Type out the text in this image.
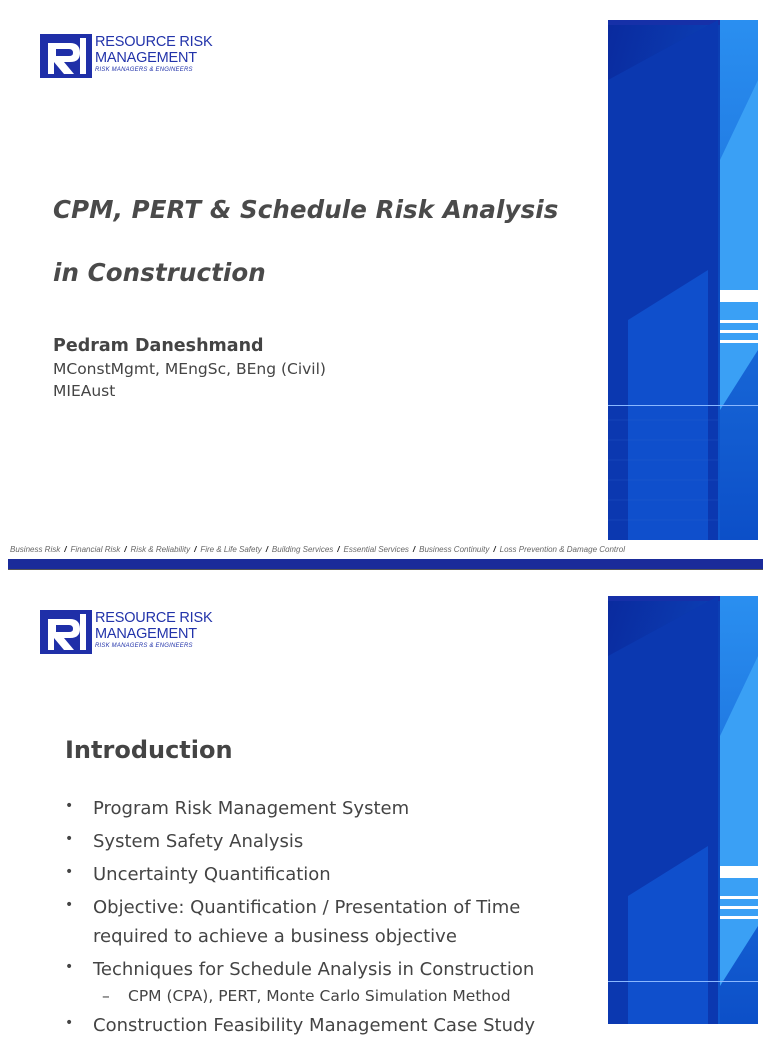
RESOURCE RISK
MANAGEMENT
RISK MANAGERS & ENGINEERS
CPM, PERT & Schedule Risk Analysis
in Construction
Pedram Daneshmand
MConstMgmt, MEngSc, BEng (Civil)
MIEAust
Business Risk / Financial Risk / Risk & Reliability / Fire & Life Safety / Building Services / Essential Services / Business Continuity / Loss Prevention & Damage Control
RESOURCE RISK
MANAGEMENT
RISK MANAGERS & ENGINEERS
Introduction
• Program Risk Management System
• System Safety Analysis
• Uncertainty Quantification
• Objective: Quantification / Presentation of Time required to achieve a business objective
• Techniques for Schedule Analysis in Construction
– CPM (CPA), PERT, Monte Carlo Simulation Method
• Construction Feasibility Management Case Study
